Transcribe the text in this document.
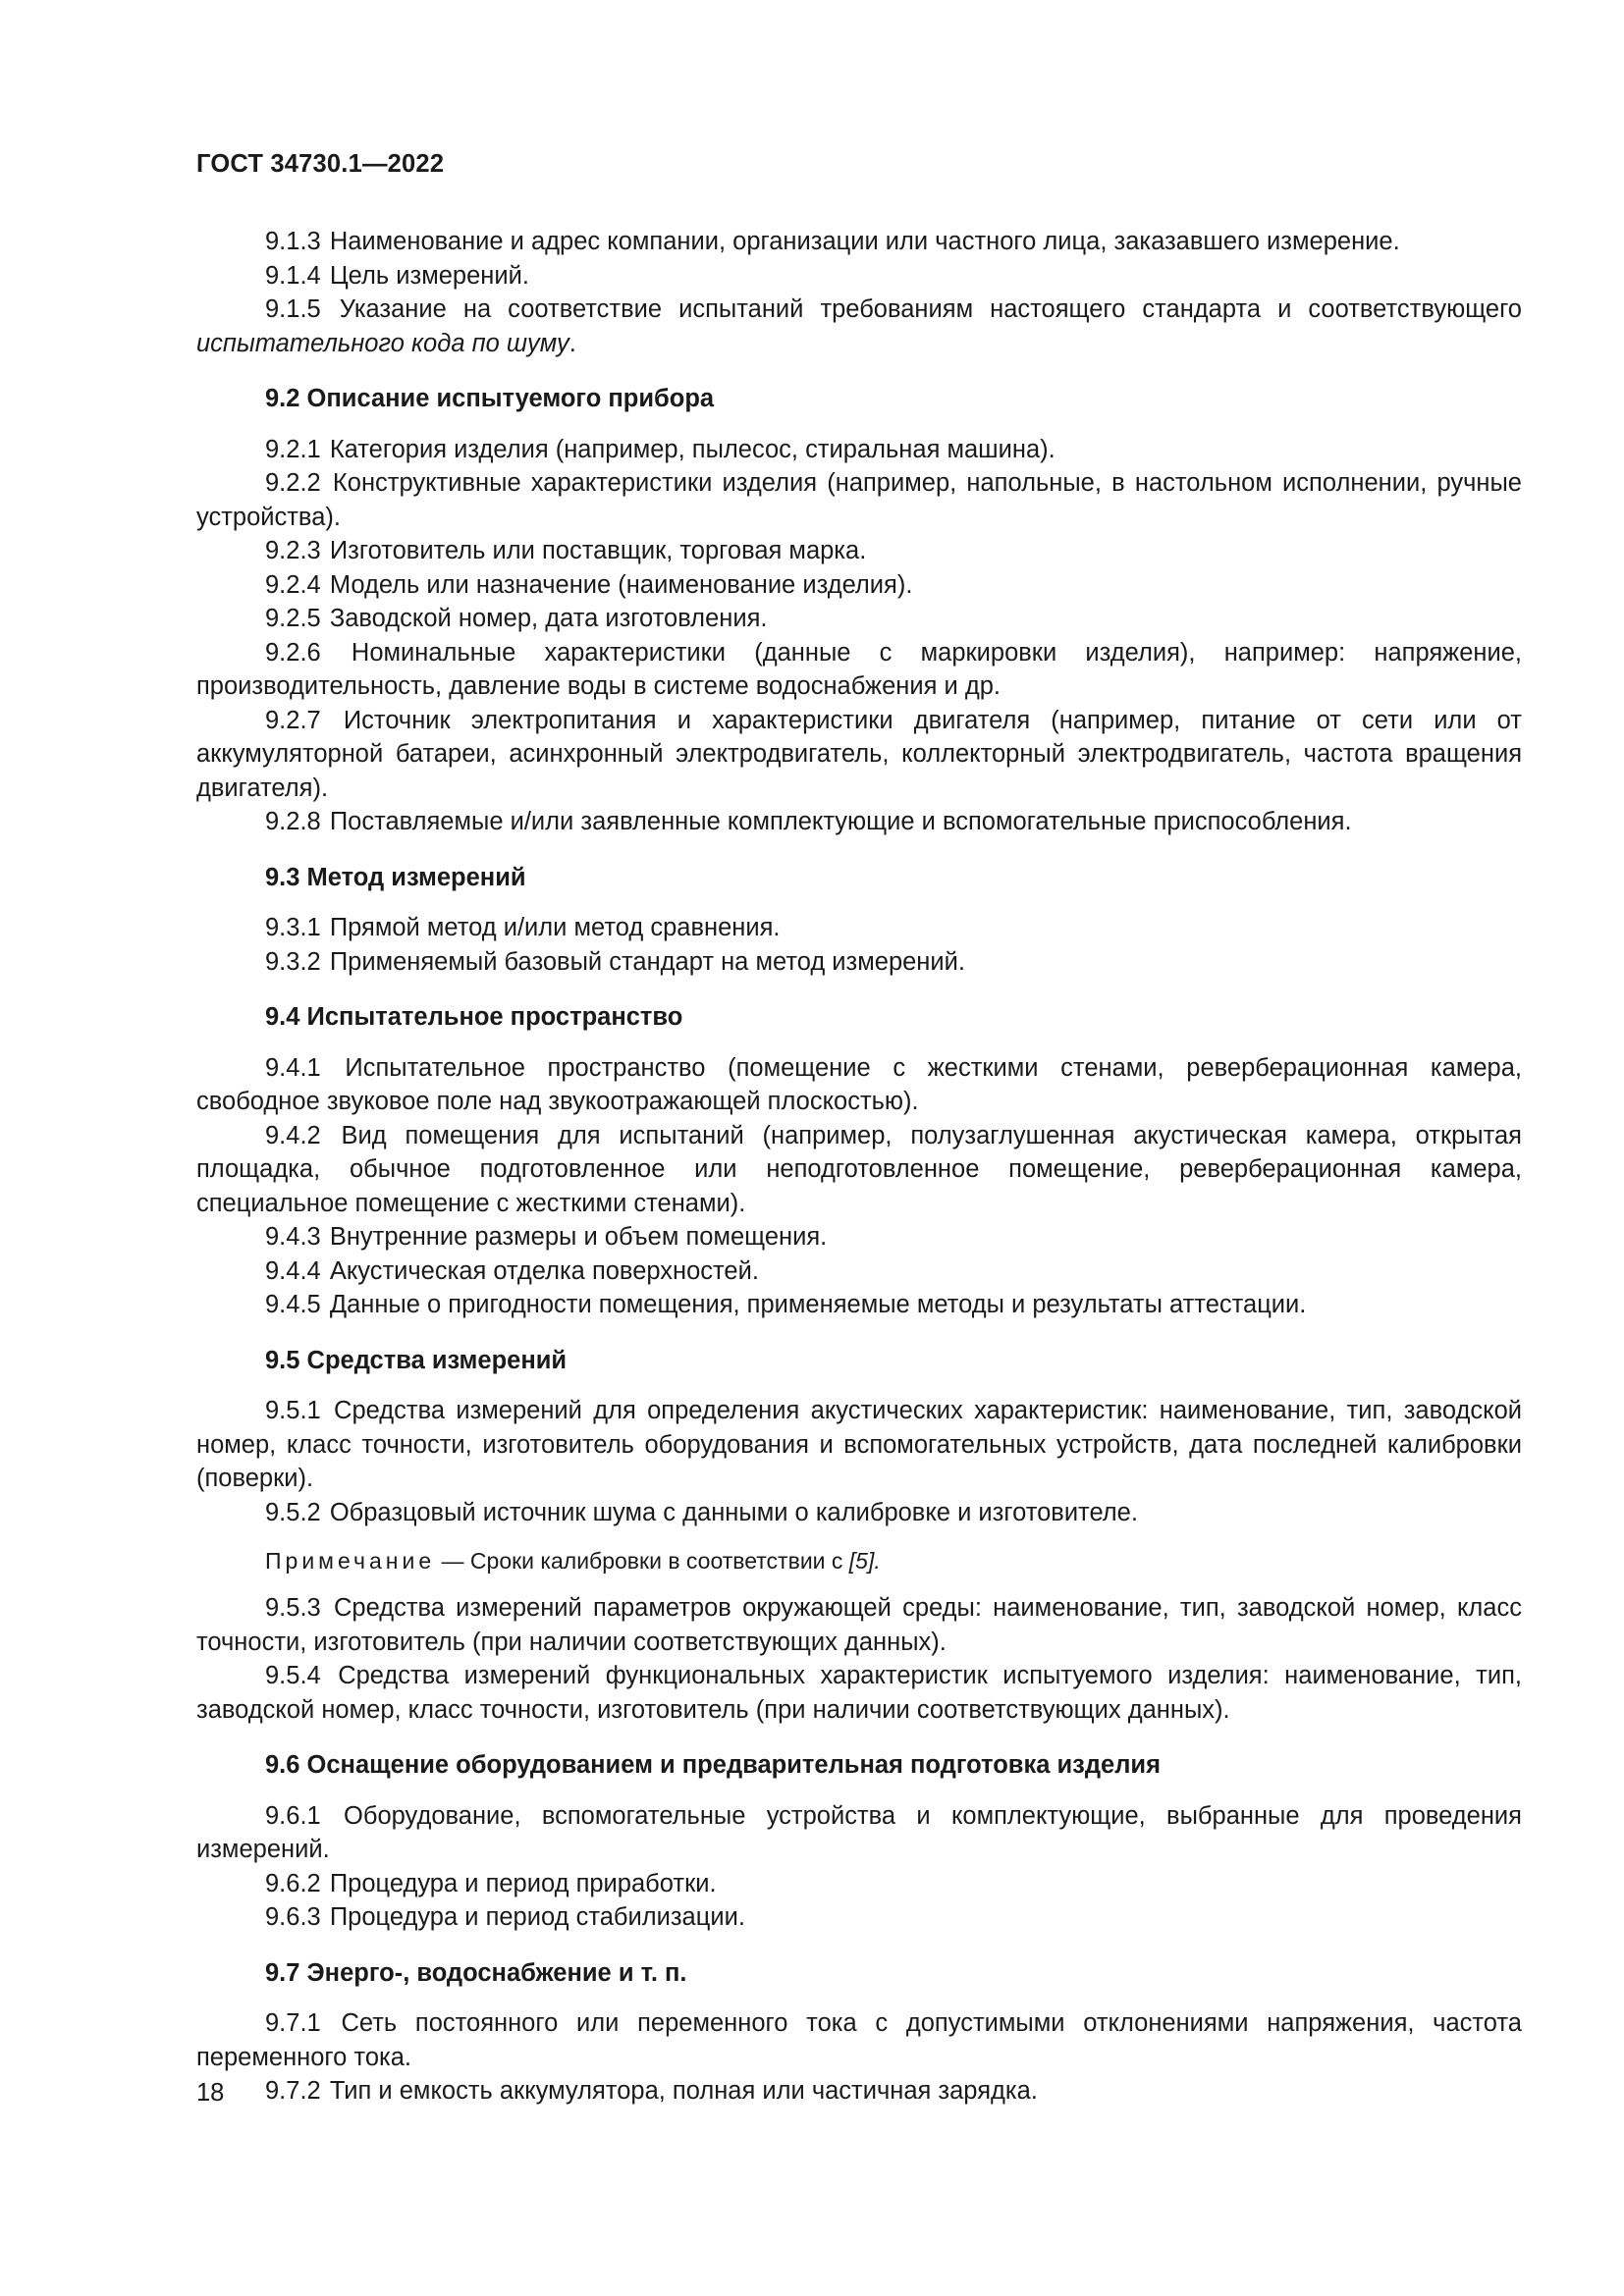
ГОСТ 34730.1—2022

9.1.3 Наименование и адрес компании, организации или частного лица, заказавшего измерение.

9.1.4 Цель измерений.

9.1.5 Указание на соответствие испытаний требованиям настоящего стандарта и соответствующего испытательного кода по шуму.

9.2 Описание испытуемого прибора

9.2.1 Категория изделия (например, пылесос, стиральная машина).

9.2.2 Конструктивные характеристики изделия (например, напольные, в настольном исполнении, ручные устройства).

9.2.3 Изготовитель или поставщик, торговая марка.

9.2.4 Модель или назначение (наименование изделия).

9.2.5 Заводской номер, дата изготовления.

9.2.6 Номинальные характеристики (данные с маркировки изделия), например: напряжение, производительность, давление воды в системе водоснабжения и др.

9.2.7 Источник электропитания и характеристики двигателя (например, питание от сети или от аккумуляторной батареи, асинхронный электродвигатель, коллекторный электродвигатель, частота вращения двигателя).

9.2.8 Поставляемые и/или заявленные комплектующие и вспомогательные приспособления.

9.3 Метод измерений

9.3.1 Прямой метод и/или метод сравнения.

9.3.2 Применяемый базовый стандарт на метод измерений.

9.4 Испытательное пространство

9.4.1 Испытательное пространство (помещение с жесткими стенами, реверберационная камера, свободное звуковое поле над звукоотражающей плоскостью).

9.4.2 Вид помещения для испытаний (например, полузаглушенная акустическая камера, открытая площадка, обычное подготовленное или неподготовленное помещение, реверберационная камера, специальное помещение с жесткими стенами).

9.4.3 Внутренние размеры и объем помещения.

9.4.4 Акустическая отделка поверхностей.

9.4.5 Данные о пригодности помещения, применяемые методы и результаты аттестации.

9.5 Средства измерений

9.5.1 Средства измерений для определения акустических характеристик: наименование, тип, заводской номер, класс точности, изготовитель оборудования и вспомогательных устройств, дата последней калибровки (поверки).

9.5.2 Образцовый источник шума с данными о калибровке и изготовителе.

Примечание — Сроки калибровки в соответствии с [5].

9.5.3 Средства измерений параметров окружающей среды: наименование, тип, заводской номер, класс точности, изготовитель (при наличии соответствующих данных).

9.5.4 Средства измерений функциональных характеристик испытуемого изделия: наименование, тип, заводской номер, класс точности, изготовитель (при наличии соответствующих данных).

9.6 Оснащение оборудованием и предварительная подготовка изделия

9.6.1 Оборудование, вспомогательные устройства и комплектующие, выбранные для проведения измерений.

9.6.2 Процедура и период приработки.

9.6.3 Процедура и период стабилизации.

9.7 Энерго-, водоснабжение и т. п.

9.7.1 Сеть постоянного или переменного тока с допустимыми отклонениями напряжения, частота переменного тока.

9.7.2 Тип и емкость аккумулятора, полная или частичная зарядка.

18
